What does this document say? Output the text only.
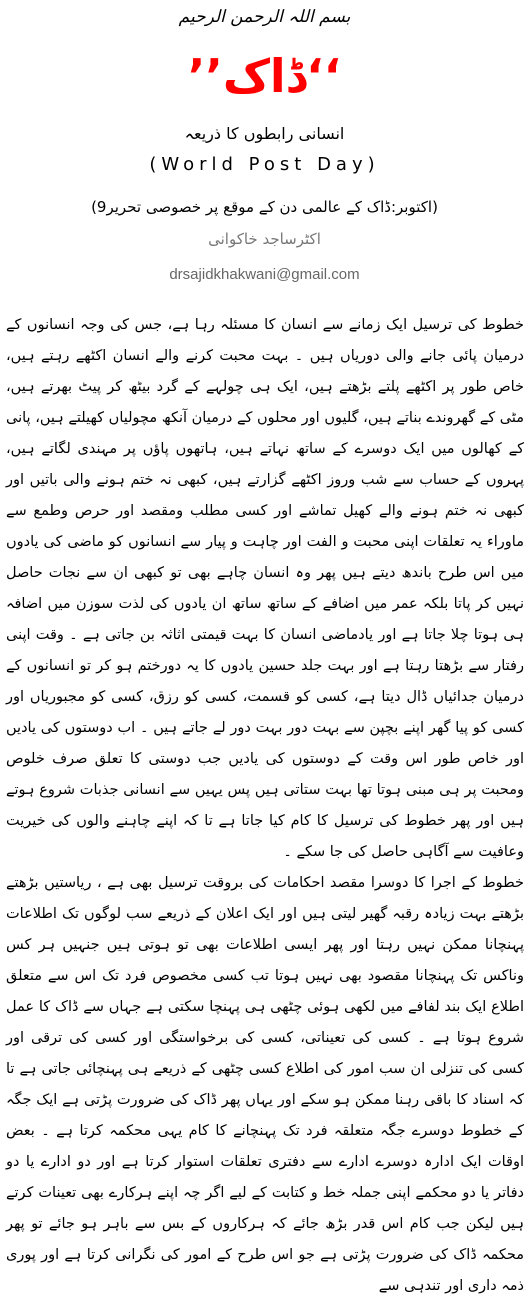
بسم اللہ الرحمن الرحیم
’’ڈاک‘‘
انسانی رابطوں کا ذریعہ
(World Post Day)
(9اکتوبر:ڈاک کے عالمی دن کے موقع پر خصوصی تحریر)
اکٹرساجد خاکوانی
drsajidkhakwani@gmail.com

خطوط کی ترسیل ایک زمانے سے انسان کا مسئلہ رہا ہے، جس کی وجہ انسانوں کے درمیان پائی جانے والی دوریاں ہیں ۔ بہت محبت کرنے والے انسان اکٹھے رہتے ہیں، خاص طور پر اکٹھے پلتے بڑھتے ہیں، ایک ہی چولہے کے گرد بیٹھ کر پیٹ بھرتے ہیں، مٹی کے گھروندے بناتے ہیں، گلیوں اور محلوں کے درمیان آنکھ مچولیاں کھیلتے ہیں، پانی کے کھالوں میں ایک دوسرے کے ساتھ نہاتے ہیں، ہاتھوں پاؤں پر مہندی لگاتے ہیں، پہروں کے حساب سے شب وروز اکٹھے گزارتے ہیں، کبھی نہ ختم ہونے والی باتیں اور کبھی نہ ختم ہونے والے کھیل تماشے اور کسی مطلب ومقصد اور حرص وطمع سے ماوراء یہ تعلقات اپنی محبت و الفت اور چاہت و پیار سے انسانوں کو ماضی کی یادوں میں اس طرح باندھ دیتے ہیں پھر وہ انسان چاہے بھی تو کبھی ان سے نجات حاصل نہیں کر پاتا بلکہ عمر میں اضافے کے ساتھ ساتھ ان یادوں کی لذت سوزن میں اضافہ ہی ہوتا چلا جاتا ہے اور یادماضی انسان کا بہت قیمتی اثاثہ بن جاتی ہے ۔ وقت اپنی رفتار سے بڑھتا رہتا ہے اور بہت جلد حسین یادوں کا یہ دورختم ہو کر تو انسانوں کے درمیان جدائیاں ڈال دیتا ہے، کسی کو قسمت، کسی کو رزق، کسی کو مجبوریاں اور کسی کو پیا گھر اپنے بچپن سے بہت دور بہت دور لے جاتے ہیں ۔ اب دوستوں کی یادیں اور خاص طور اس وقت کے دوستوں کی یادیں جب دوستی کا تعلق صرف خلوص ومحبت پر ہی مبنی ہوتا تھا بہت ستاتی ہیں پس یہیں سے انسانی جذبات شروع ہوتے ہیں اور پھر خطوط کی ترسیل کا کام کیا جاتا ہے تا کہ اپنے چاہنے والوں کی خیریت وعافیت سے آگاہی حاصل کی جا سکے ۔

خطوط کے اجرا کا دوسرا مقصد احکامات کی بروقت ترسیل بھی ہے ، ریاستیں بڑھتے بڑھتے بہت زیادہ رقبہ گھیر لیتی ہیں اور ایک اعلان کے ذریعے سب لوگوں تک اطلاعات پہنچانا ممکن نہیں رہتا اور پھر ایسی اطلاعات بھی تو ہوتی ہیں جنہیں ہر کس وناکس تک پہنچانا مقصود بھی نہیں ہوتا تب کسی مخصوص فرد تک اس سے متعلق اطلاع ایک بند لفافے میں لکھی ہوئی چٹھی ہی پہنچا سکتی ہے جہاں سے ڈاک کا عمل شروع ہوتا ہے ۔ کسی کی تعیناتی، کسی کی برخواستگی اور کسی کی ترقی اور کسی کی تنزلی ان سب امور کی اطلاع کسی چٹھی کے ذریعے ہی پہنچائی جاتی ہے تا کہ اسناد کا باقی رہنا ممکن ہو سکے اور یہاں پھر ڈاک کی ضرورت پڑتی ہے ایک جگہ کے خطوط دوسرے جگہ متعلقہ فرد تک پہنچانے کا کام یہی محکمہ کرتا ہے ۔ بعض اوقات ایک ادارہ دوسرے ادارے سے دفتری تعلقات استوار کرتا ہے اور دو ادارے یا دو دفاتر یا دو محکمے اپنی جملہ خط و کتابت کے لیے اگر چہ اپنے ہرکارے بھی تعینات کرتے ہیں لیکن جب کام اس قدر بڑھ جائے کہ ہرکاروں کے بس سے باہر ہو جائے تو پھر محکمہ ڈاک کی ضرورت پڑتی ہے جو اس طرح کے امور کی نگرانی کرتا ہے اور پوری ذمہ داری اور تندہی سے
